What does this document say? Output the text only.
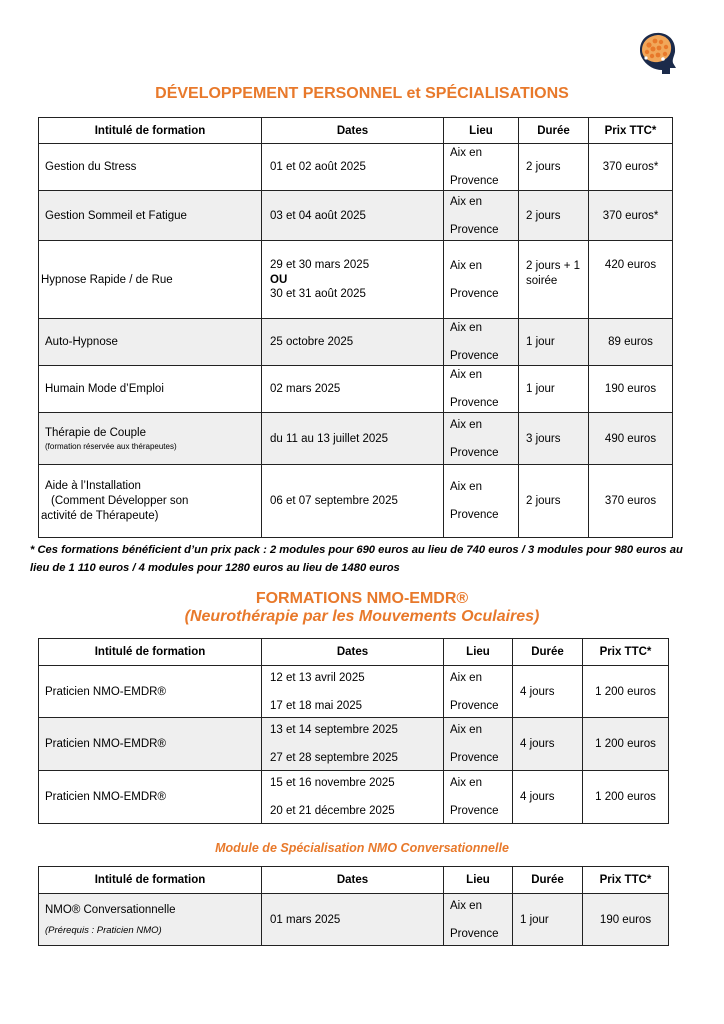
DÉVELOPPEMENT PERSONNEL et SPÉCIALISATIONS
Intitulé de formation	Dates	Lieu	Durée	Prix TTC*
Gestion du Stress	01 et 02 août 2025	Aix en
Provence	2 jours	370 euros*
Gestion Sommeil et Fatigue	03 et 04 août 2025	Aix en
Provence	2 jours	370 euros*
Hypnose Rapide / de Rue	29 et 30 mars 2025
OU
30 et 31 août 2025	Aix en
Provence	2 jours + 1 soirée	420 euros
Auto-Hypnose	25 octobre 2025	Aix en
Provence	1 jour	89 euros
Humain Mode d’Emploi	02 mars 2025	Aix en
Provence	1 jour	190 euros
Thérapie de Couple
(formation réservée aux thérapeutes)	du 11 au 13 juillet 2025	Aix en
Provence	3 jours	490 euros

Aide à l’Installation
(Comment Développer son
activité de Thérapeute)	06 et 07 septembre 2025	Aix en
Provence	2 jours	370 euros
* Ces formations bénéficient d’un prix pack : 2 modules pour 690 euros au lieu de 740 euros / 3 modules pour 980 euros au lieu de 1 110 euros / 4 modules pour 1280 euros au lieu de 1480 euros
FORMATIONS NMO-EMDR®
(Neurothérapie par les Mouvements Oculaires)
Intitulé de formation	Dates	Lieu	Durée	Prix TTC*
Praticien NMO-EMDR®	12 et 13 avril 2025
17 et 18 mai 2025	Aix en
Provence	4 jours	1 200 euros
Praticien NMO-EMDR®	13 et 14 septembre 2025
27 et 28 septembre 2025	Aix en
Provence	4 jours	1 200 euros
Praticien NMO-EMDR®	15 et 16 novembre 2025
20 et 21 décembre 2025	Aix en
Provence	4 jours	1 200 euros
Module de Spécialisation NMO Conversationnelle
Intitulé de formation	Dates	Lieu	Durée	Prix TTC*
NMO® Conversationnelle
(Prérequis : Praticien NMO)	01 mars 2025	Aix en
Provence	1 jour	190 euros
